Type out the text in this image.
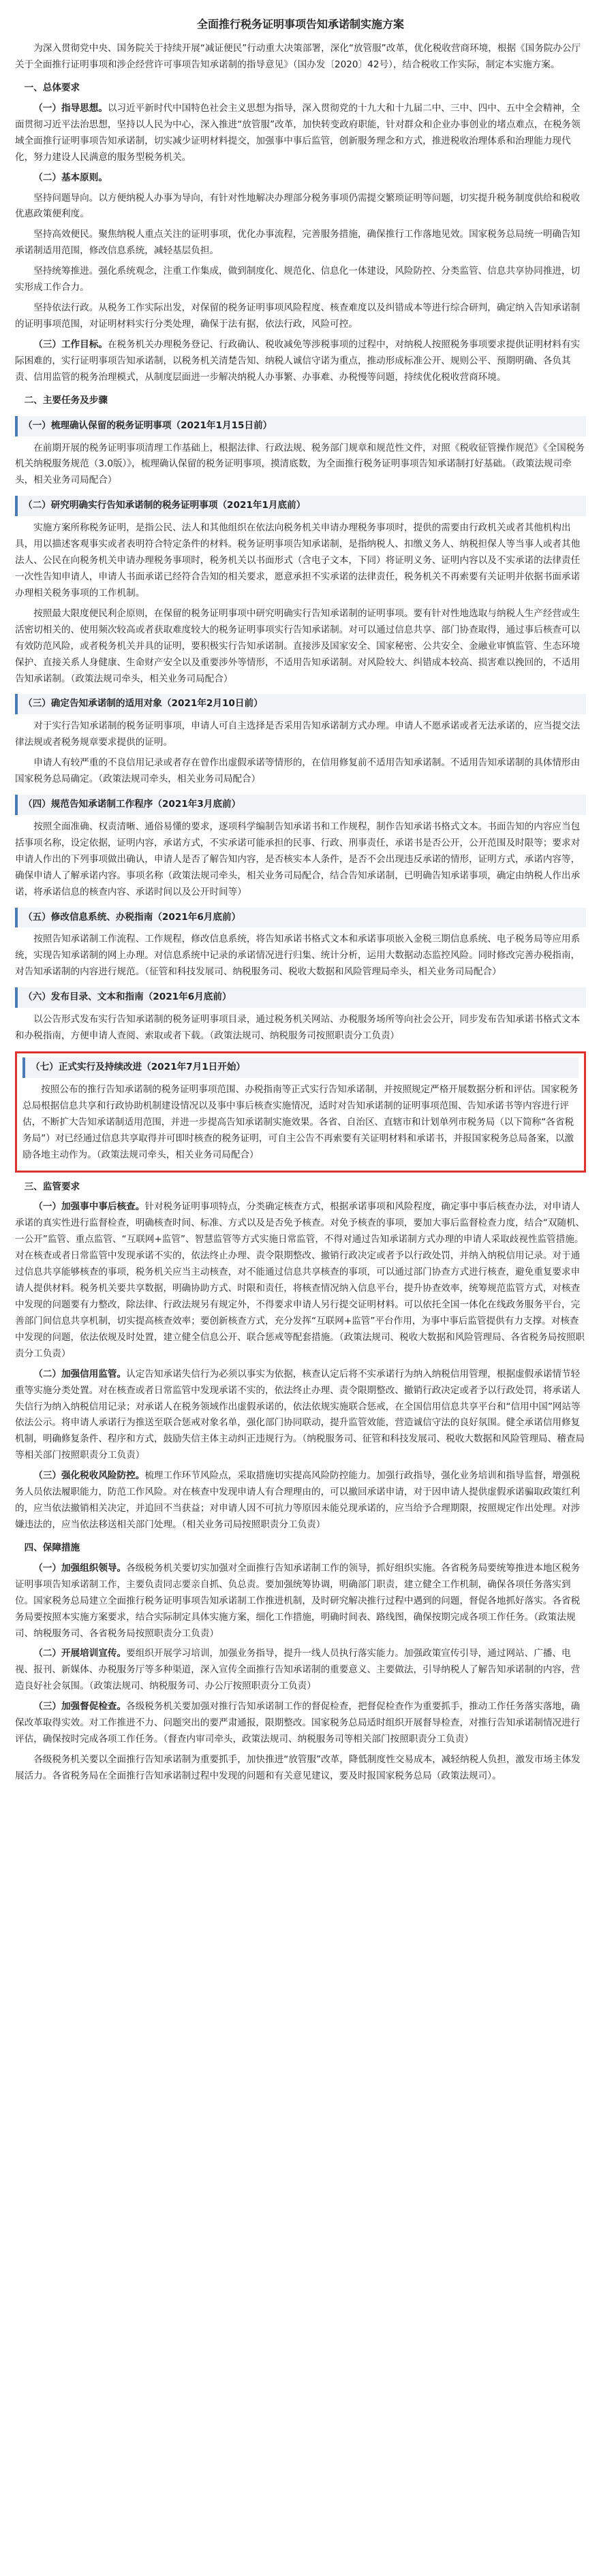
全面推行税务证明事项告知承诺制实施方案

为深入贯彻党中央、国务院关于持续开展“减证便民”行动重大决策部署，深化“放管服”改革，优化税收营商环境，根据《国务院办公厅关于全面推行证明事项和涉企经营许可事项告知承诺制的指导意见》（国办发〔2020〕42号），结合税收工作实际，制定本实施方案。

一、总体要求

（一）指导思想。以习近平新时代中国特色社会主义思想为指导，深入贯彻党的十九大和十九届二中、三中、四中、五中全会精神，全面贯彻习近平法治思想，坚持以人民为中心，深入推进“放管服”改革，加快转变政府职能，针对群众和企业办事创业的堵点难点，在税务领域全面推行证明事项告知承诺制，切实减少证明材料提交，加强事中事后监管，创新服务理念和方式，推进税收治理体系和治理能力现代化，努力建设人民满意的服务型税务机关。

（二）基本原则。

坚持问题导向。以方便纳税人办事为导向，有针对性地解决办理部分税务事项仍需提交繁琐证明等问题，切实提升税务制度供给和税收优惠政策便利度。

坚持高效便民。聚焦纳税人重点关注的证明事项，优化办事流程，完善服务措施，确保推行工作落地见效。国家税务总局统一明确告知承诺制适用范围，修改信息系统，减轻基层负担。

坚持统筹推进。强化系统观念，注重工作集成，做到制度化、规范化、信息化一体建设，风险防控、分类监管、信息共享协同推进，切实形成工作合力。

坚持依法行政。从税务工作实际出发，对保留的税务证明事项风险程度、核查难度以及纠错成本等进行综合研判，确定纳入告知承诺制的证明事项范围，对证明材料实行分类处理，确保于法有据，依法行政，风险可控。

（三）工作目标。在税务机关办理税务登记、行政确认、税收减免等涉税事项的过程中，对纳税人按照税务事项要求提供证明材料有实际困难的，实行证明事项告知承诺制，以税务机关清楚告知、纳税人诚信守诺为重点，推动形成标准公开、规则公平、预期明确、各负其责、信用监管的税务治理模式，从制度层面进一步解决纳税人办事繁、办事难、办税慢等问题，持续优化税收营商环境。

二、主要任务及步骤
（一）梳理确认保留的税务证明事项（2021年1月15日前）

在前期开展的税务证明事项清理工作基础上，根据法律、行政法规、税务部门规章和规范性文件，对照《税收征管操作规范》《全国税务机关纳税服务规范（3.0版）》，梳理确认保留的税务证明事项，摸清底数，为全面推行税务证明事项告知承诺制打好基础。（政策法规司牵头，相关业务司局配合）

（二）研究明确实行告知承诺制的税务证明事项（2021年1月底前）

实施方案所称税务证明，是指公民、法人和其他组织在依法向税务机关申请办理税务事项时，提供的需要由行政机关或者其他机构出具，用以描述客观事实或者表明符合特定条件的材料。税务证明事项告知承诺制，是指纳税人、扣缴义务人、纳税担保人等当事人或者其他法人、公民在向税务机关申请办理税务事项时，税务机关以书面形式（含电子文本，下同）将证明义务、证明内容以及不实承诺的法律责任一次性告知申请人，申请人书面承诺已经符合告知的相关要求，愿意承担不实承诺的法律责任，税务机关不再索要有关证明并依据书面承诺办理相关税务事项的工作机制。

按照最大限度便民利企原则，在保留的税务证明事项中研究明确实行告知承诺制的证明事项。要有针对性地选取与纳税人生产经营或生活密切相关的、使用频次较高或者获取难度较大的税务证明事项实行告知承诺制。对可以通过信息共享、部门协查取得，通过事后核查可以有效防范风险，或者税务机关并具的证明，要积极实行告知承诺制。直接涉及国家安全、国家秘密、公共安全、金融业审慎监管、生态环境保护、直接关系人身健康、生命财产安全以及重要涉外等情形，不适用告知承诺制。对风险较大、纠错成本较高、损害难以挽回的，不适用告知承诺制。（政策法规司牵头，相关业务司局配合）

（三）确定告知承诺制的适用对象（2021年2月10日前）

对于实行告知承诺制的税务证明事项，申请人可自主选择是否采用告知承诺制方式办理。申请人不愿承诺或者无法承诺的，应当提交法律法规或者税务规章要求提供的证明。

申请人有较严重的不良信用记录或者存在曾作出虚假承诺等情形的，在信用修复前不适用告知承诺制。不适用告知承诺制的具体情形由国家税务总局确定。（政策法规司牵头，相关业务司局配合）

（四）规范告知承诺制工作程序（2021年3月底前）

按照全面准确、权责清晰、通俗易懂的要求，逐项科学编制告知承诺书和工作规程，制作告知承诺书格式文本。书面告知的内容应当包括事项名称，设定依据，证明内容，承诺方式，不实承诺可能承担的民事、行政、刑事责任，承诺书是否公开，公开范围及时限等；要求对申请人作出的下列事项做出确认，申请人是否了解告知内容，是否核实本人条件，是否不会出现违反承诺的情形，证明方式，承诺内容等，确保申请人了解承诺内容。事项名称（政策法规司牵头，相关业务司局配合，结合告知承诺制，已明确告知承诺事项，确定由纳税人作出承诺，将承诺信息的核查内容、承诺时间以及公开时间等）

（五）修改信息系统、办税指南（2021年6月底前）

按照告知承诺制工作流程、工作规程，修改信息系统，将告知承诺书格式文本和承诺事项嵌入金税三期信息系统、电子税务局等应用系统，实现告知承诺制的网上办理。对信息系统中记录的承诺情况进行归集、统计分析，运用大数据动态监控风险。同时修改完善办税指南，对告知承诺制的内容进行规范。（征管和科技发展司、纳税服务司、税收大数据和风险管理局牵头，相关业务司局配合）

（六）发布目录、文本和指南（2021年6月底前）

以公告形式发布实行告知承诺制的税务证明事项目录，通过税务机关网站、办税服务场所等向社会公开，同步发布告知承诺书格式文本和办税指南，方便申请人查阅、索取或者下载。（政策法规司、纳税服务司按照职责分工负责）

（七）正式实行及持续改进（2021年7月1日开始）

按照公布的推行告知承诺制的税务证明事项范围、办税指南等正式实行告知承诺制，并按照规定严格开展数据分析和评估。国家税务总局根据信息共享和行政协助机制建设情况以及事中事后核查实施情况，适时对告知承诺制的证明事项范围、告知承诺书等内容进行评估，不断扩大告知承诺制适用范围，并进一步提高告知承诺制实施效果。各省、自治区、直辖市和计划单列市税务局（以下简称“各省税务局”）对已经通过信息共享取得并可即时核查的税务证明，可自主公告不再索要有关证明材料和承诺书，并报国家税务总局备案，以激励各地主动作为。（政策法规司牵头，相关业务司局配合）

三、监管要求

（一）加强事中事后核查。针对税务证明事项特点，分类确定核查方式，根据承诺事项和风险程度，确定事中事后核查办法，对申请人承诺的真实性进行监督检查，明确核查时间、标准、方式以及是否免予核查。对免予核查的事项，要加大事后监督检查力度，结合“双随机、一公开”监管、重点监管、“互联网+监管”、智慧监管等方式实施日常监管，不得对通过告知承诺制方式办理的申请人采取歧视性监管措施。对在核查或者日常监管中发现承诺不实的，依法终止办理、责令限期整改、撤销行政决定或者予以行政处罚，并纳入纳税信用记录。对于通过信息共享能够核查的事项，税务机关应当主动核查，对不能通过信息共享核查的事项，可以通过部门协查方式进行核查，避免重复要求申请人提供材料。税务机关要共享数据，明确协助方式、时限和责任，将核查情况纳入信息平台，提升协查效率，统筹规范监管方式，对核查中发现的问题要有力整改，除法律、行政法规另有规定外，不得要求申请人另行提交证明材料。可以依托全国一体化在线政务服务平台，完善部门间信息共享机制，切实提高核查效率；要创新核查方式，充分发挥“互联网+监管”平台作用，为事中事后监管提供有力支撑。对核查中发现的问题，依法依规及时处置，建立健全信息公开、联合惩戒等配套措施。（政策法规司、税收大数据和风险管理局、各省税务局按照职责分工负责）

（二）加强信用监管。认定告知承诺失信行为必须以事实为依据，核查认定后将不实承诺行为纳入纳税信用管理，根据虚假承诺情节轻重等实施分类处置。对在核查或者日常监管中发现承诺不实的，依法终止办理、责令限期整改、撤销行政决定或者予以行政处罚，将承诺人失信行为纳入纳税信用记录；对承诺人在税务领域作出虚假承诺的，依法依规实施联合惩戒，在全国信用信息共享平台和“信用中国”网站等依法公示。将申请人承诺行为推送至联合惩戒对象名单，强化部门协同联动，提升监管效能，营造诚信守法的良好氛围。健全承诺信用修复机制，明确修复条件、程序和方式，鼓励失信主体主动纠正违规行为。（纳税服务司、征管和科技发展司、税收大数据和风险管理局、稽查局等相关部门按照职责分工负责）

（三）强化税收风险防控。梳理工作环节风险点，采取措施切实提高风险防控能力。加强行政指导，强化业务培训和指导监督，增强税务人员依法履职能力，防范工作风险。对在核查中发现申请人有合理理由的，可以撤回承诺申请，对于因申请人提供虚假承诺骗取政策红利的，应当依法撤销相关决定，并追回不当获益；对申请人因不可抗力等原因未能兑现承诺的，应当给予合理期限，按照规定作出处理。对涉嫌违法的，应当依法移送相关部门处理。（相关业务司局按照职责分工负责）

四、保障措施

（一）加强组织领导。各级税务机关要切实加强对全面推行告知承诺制工作的领导，抓好组织实施。各省税务局要统筹推进本地区税务证明事项告知承诺制工作，主要负责同志要亲自抓、负总责。要加强统筹协调，明确部门职责，建立健全工作机制，确保各项任务落实到位。国家税务总局建立全面推行税务证明事项告知承诺制工作推进机制，及时研究解决推行过程中遇到的问题，督促各地抓好落实。各省税务局要按照本实施方案要求，结合实际制定具体实施方案，细化工作措施，明确时间表、路线图，确保按期完成各项工作任务。（政策法规司、纳税服务司、各省税务局按照职责分工负责）

（二）开展培训宣传。要组织开展学习培训，加强业务指导，提升一线人员执行落实能力。加强政策宣传引导，通过网站、广播、电视、报刊、新媒体、办税服务厅等多种渠道，深入宣传全面推行告知承诺制的重要意义、主要做法，引导纳税人了解告知承诺制的内容，营造良好社会氛围。（政策法规司、纳税服务司、办公厅按照职责分工负责）

（三）加强督促检查。各级税务机关要加强对推行告知承诺制工作的督促检查，把督促检查作为重要抓手，推动工作任务落实落地，确保改革取得实效。对工作推进不力、问题突出的要严肃通报，限期整改。国家税务总局适时组织开展督导检查，对推行告知承诺制情况进行评估，确保按时完成各项工作任务。（督查内审司牵头，政策法规司、纳税服务司等相关部门按照职责分工负责）

各级税务机关要以全面推行告知承诺制为重要抓手，加快推进“放管服”改革，降低制度性交易成本，减轻纳税人负担，激发市场主体发展活力。各省税务局在全面推行告知承诺制过程中发现的问题和有关意见建议，要及时报国家税务总局（政策法规司）。
